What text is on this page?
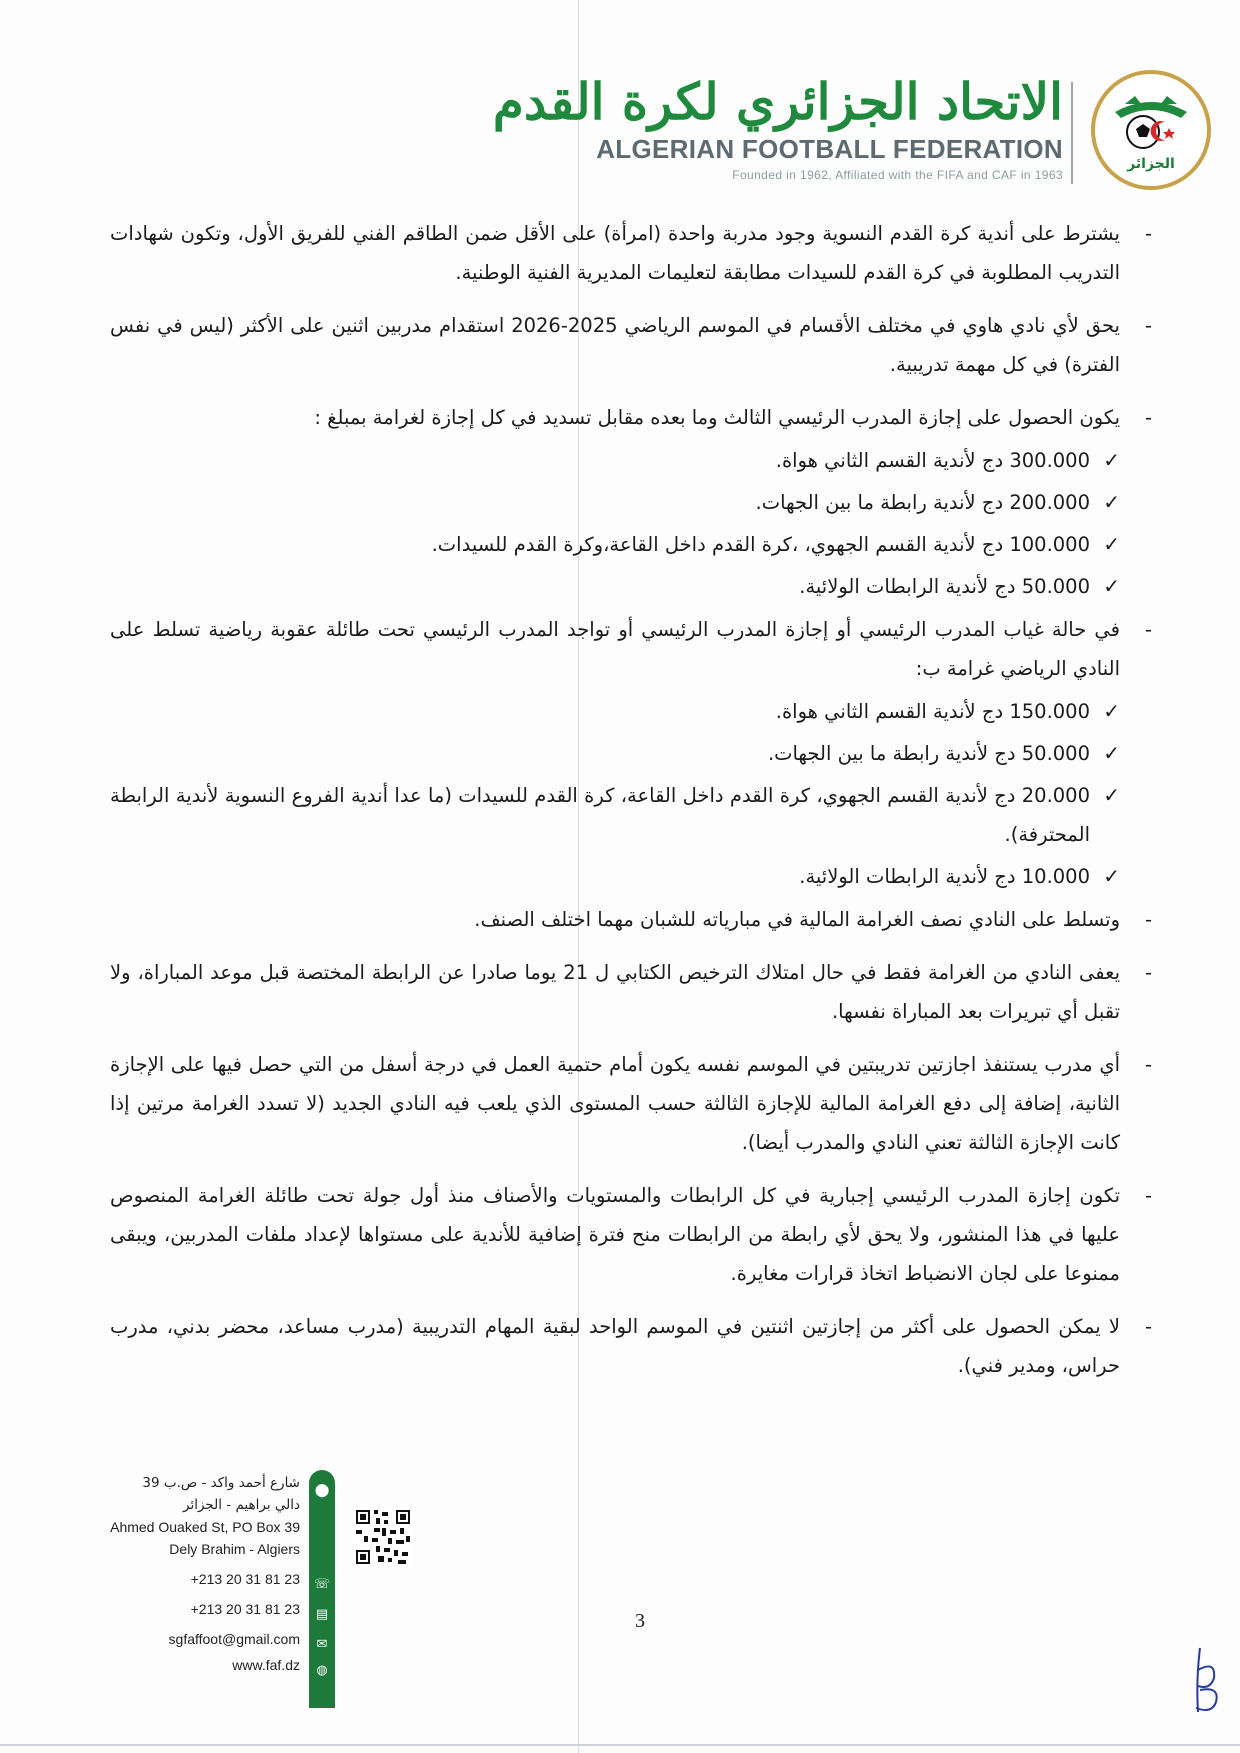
الجزائر
الاتحاد الجزائري لكرة القدم
ALGERIAN FOOTBALL FEDERATION
Founded in 1962, Affiliated with the FIFA and CAF in 1963
-
يشترط على أندية كرة القدم النسوية وجود مدربة واحدة (امرأة) على الأقل ضمن الطاقم الفني للفريق الأول، وتكون شهادات التدريب المطلوبة في كرة القدم للسيدات مطابقة لتعليمات المديرية الفنية الوطنية.
-
يحق لأي نادي هاوي في مختلف الأقسام في الموسم الرياضي 2025-2026 استقدام مدربين اثنين على الأكثر (ليس في نفس الفترة) في كل مهمة تدريبية.
-
يكون الحصول على إجازة المدرب الرئيسي الثالث وما بعده مقابل تسديد في كل إجازة لغرامة بمبلغ :
✓
300.000 دج لأندية القسم الثاني هواة.
✓
200.000 دج لأندية رابطة ما بين الجهات.
✓
100.000 دج لأندية القسم الجهوي، ،كرة القدم داخل القاعة،وكرة القدم للسيدات.
✓
50.000 دج لأندية الرابطات الولائية.
-
في حالة غياب المدرب الرئيسي أو إجازة المدرب الرئيسي أو تواجد المدرب الرئيسي تحت طائلة عقوبة رياضية تسلط على النادي الرياضي غرامة ب:
✓
150.000 دج لأندية القسم الثاني هواة.
✓
50.000 دج لأندية رابطة ما بين الجهات.
✓
20.000 دج لأندية القسم الجهوي، كرة القدم داخل القاعة، كرة القدم للسيدات (ما عدا أندية الفروع النسوية لأندية الرابطة المحترفة).
✓
10.000 دج لأندية الرابطات الولائية.
-
وتسلط على النادي نصف الغرامة المالية في مبارياته للشبان مهما اختلف الصنف.
-
يعفى النادي من الغرامة فقط في حال امتلاك الترخيص الكتابي ل 21 يوما صادرا عن الرابطة المختصة قبل موعد المباراة، ولا تقبل أي تبريرات بعد المباراة نفسها.
-
أي مدرب يستنفذ اجازتين تدريبتين في الموسم نفسه يكون أمام حتمية العمل في درجة أسفل من التي حصل فيها على الإجازة الثانية، إضافة إلى دفع الغرامة المالية للإجازة الثالثة حسب المستوى الذي يلعب فيه النادي الجديد (لا تسدد الغرامة مرتين إذا كانت الإجازة الثالثة تعني النادي والمدرب أيضا).
-
تكون إجازة المدرب الرئيسي إجبارية في كل الرابطات والمستويات والأصناف منذ أول جولة تحت طائلة الغرامة المنصوص عليها في هذا المنشور، ولا يحق لأي رابطة من الرابطات منح فترة إضافية للأندية على مستواها لإعداد ملفات المدربين، ويبقى ممنوعا على لجان الانضباط اتخاذ قرارات مغايرة.
-
لا يمكن الحصول على أكثر من إجازتين اثنتين في الموسم الواحد لبقية المهام التدريبية (مدرب مساعد، محضر بدني، مدرب حراس، ومدير فني).
شارع أحمد واكد - ص.ب 39
دالي براهيم - الجزائر
Ahmed Ouaked St, PO Box 39
Dely Brahim - Algiers
+213 20 31 81 23
+213 20 31 81 23
sgfaffoot@gmail.com
www.faf.dz
⬤
☏
▤
✉
◍
3
